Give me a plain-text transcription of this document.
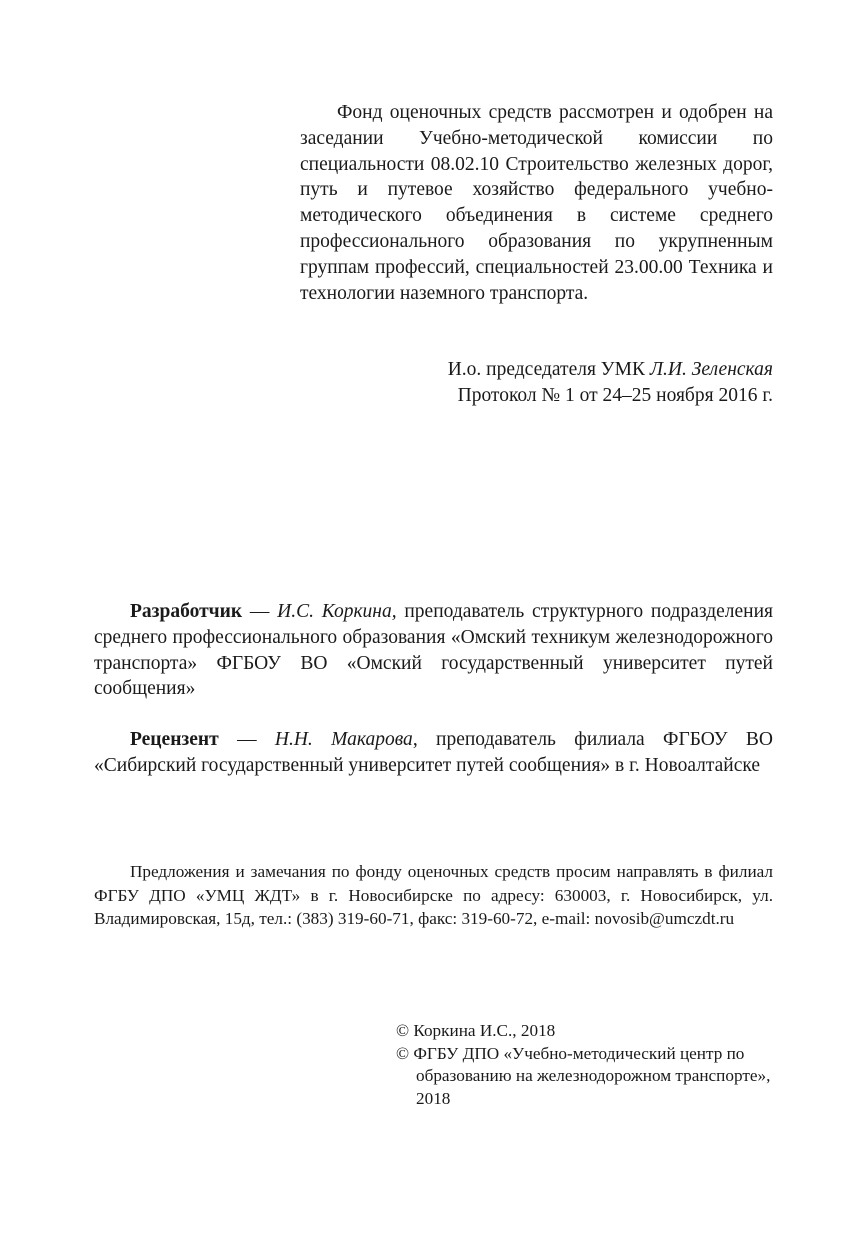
Фонд оценочных средств рассмотрен и одобрен на заседании Учебно-методической комиссии по специальности 08.02.10 Строительство железных дорог, путь и путевое хозяйство федерального учебно-методического объединения в системе среднего профессионального образования по укрупненным группам профессий, специальностей 23.00.00 Техника и технологии наземного транспорта.
И.о. председателя УМК Л.И. Зеленская
Протокол № 1 от 24–25 ноября 2016 г.
Разработчик — И.С. Коркина, преподаватель структурного подразделения среднего профессионального образования «Омский техникум железнодорожного транспорта» ФГБОУ ВО «Омский государственный университет путей сообщения»
Рецензент — Н.Н. Макарова, преподаватель филиала ФГБОУ ВО «Сибирский государственный университет путей сообщения» в г. Новоалтайске
Предложения и замечания по фонду оценочных средств просим направлять в филиал ФГБУ ДПО «УМЦ ЖДТ» в г. Новосибирске по адресу: 630003, г. Новосибирск, ул. Владимировская, 15д, тел.: (383) 319-60-71, факс: 319-60-72, e-mail: novosib@umczdt.ru
© Коркина И.С., 2018
© ФГБУ ДПО «Учебно-методический центр по образованию на железнодорожном транспорте», 2018
